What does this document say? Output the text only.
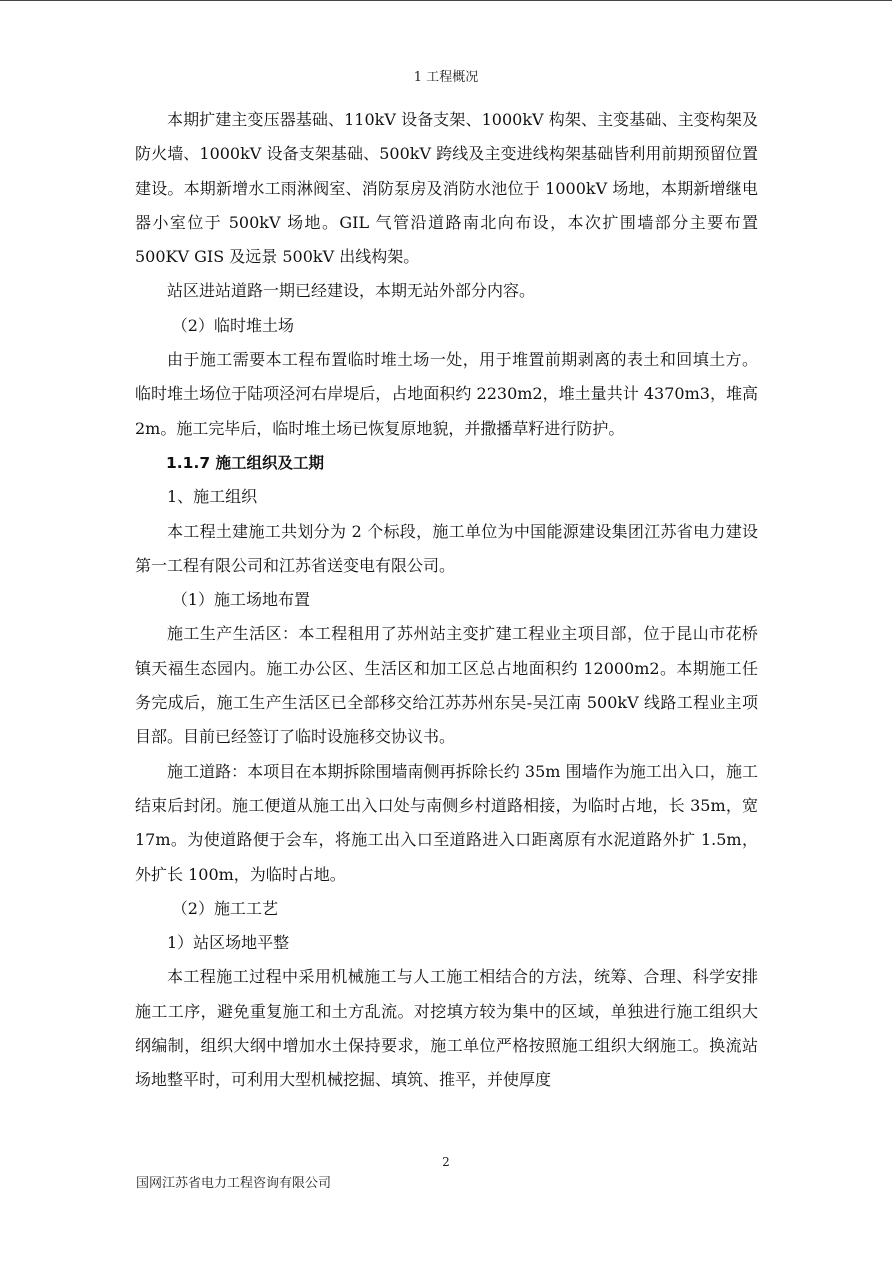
1 工程概况

本期扩建主变压器基础、110kV 设备支架、1000kV 构架、主变基础、主变构架及防火墙、1000kV 设备支架基础、500kV 跨线及主变进线构架基础皆利用前期预留位置建设。本期新增水工雨淋阀室、消防泵房及消防水池位于 1000kV 场地，本期新增继电器小室位于 500kV 场地。GIL 气管沿道路南北向布设，本次扩围墙部分主要布置 500KV GIS 及远景 500kV 出线构架。

站区进站道路一期已经建设，本期无站外部分内容。

（2）临时堆土场

由于施工需要本工程布置临时堆土场一处，用于堆置前期剥离的表土和回填土方。临时堆土场位于陆项泾河右岸堤后，占地面积约 2230m2，堆土量共计 4370m3，堆高 2m。施工完毕后，临时堆土场已恢复原地貌，并撒播草籽进行防护。

1.1.7 施工组织及工期

1、施工组织

本工程土建施工共划分为 2 个标段，施工单位为中国能源建设集团江苏省电力建设第一工程有限公司和江苏省送变电有限公司。

（1）施工场地布置

施工生产生活区：本工程租用了苏州站主变扩建工程业主项目部，位于昆山市花桥镇天福生态园内。施工办公区、生活区和加工区总占地面积约 12000m2。本期施工任务完成后，施工生产生活区已全部移交给江苏苏州东吴-吴江南 500kV 线路工程业主项目部。目前已经签订了临时设施移交协议书。

施工道路：本项目在本期拆除围墙南侧再拆除长约 35m 围墙作为施工出入口，施工结束后封闭。施工便道从施工出入口处与南侧乡村道路相接，为临时占地，长 35m，宽 17m。为使道路便于会车，将施工出入口至道路进入口距离原有水泥道路外扩 1.5m，外扩长 100m，为临时占地。

（2）施工工艺

1）站区场地平整

本工程施工过程中采用机械施工与人工施工相结合的方法，统筹、合理、科学安排施工工序，避免重复施工和土方乱流。对挖填方较为集中的区域，单独进行施工组织大纲编制，组织大纲中增加水土保持要求，施工单位严格按照施工组织大纲施工。换流站场地整平时，可利用大型机械挖掘、填筑、推平，并使厚度

2
国网江苏省电力工程咨询有限公司
